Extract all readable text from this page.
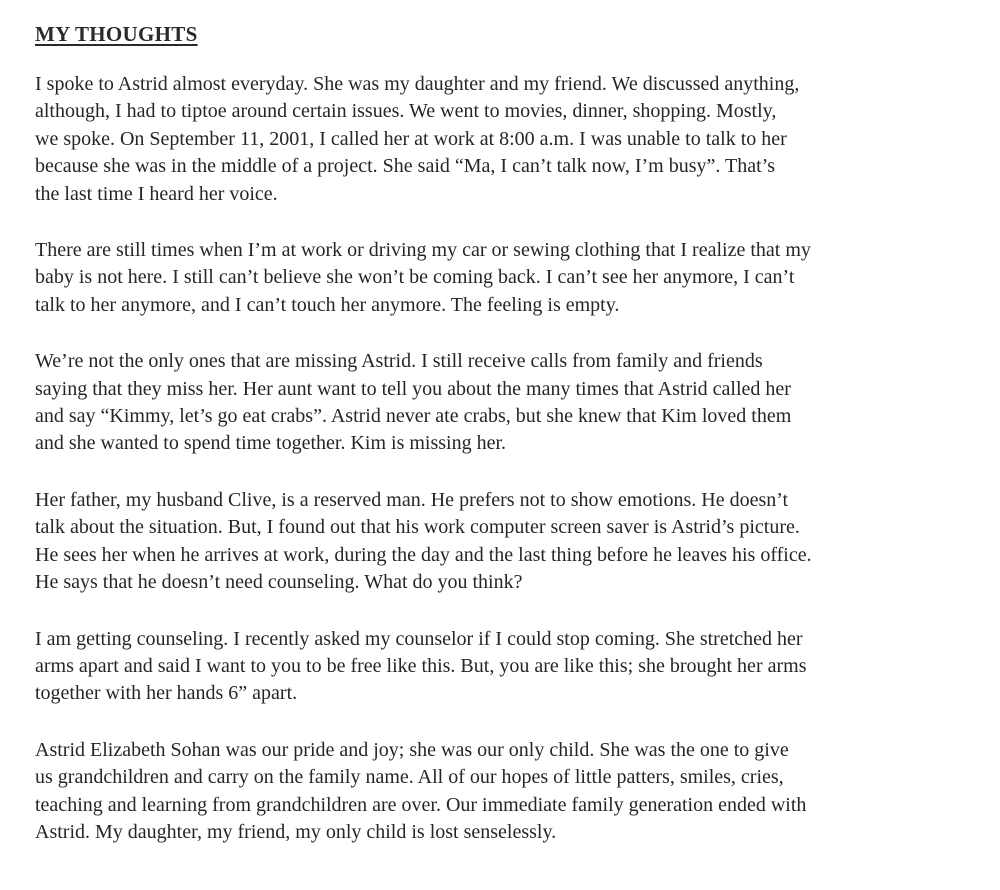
MY THOUGHTS
I spoke to Astrid almost everyday. She was my daughter and my friend. We discussed anything,
although, I had to tiptoe around certain issues. We went to movies, dinner, shopping. Mostly,
we spoke. On September 11, 2001, I called her at work at 8:00 a.m. I was unable to talk to her
because she was in the middle of a project. She said “Ma, I can’t talk now, I’m busy”. That’s
the last time I heard her voice.
There are still times when I’m at work or driving my car or sewing clothing that I realize that my
baby is not here. I still can’t believe she won’t be coming back. I can’t see her anymore, I can’t
talk to her anymore, and I can’t touch her anymore. The feeling is empty.
We’re not the only ones that are missing Astrid. I still receive calls from family and friends
saying that they miss her. Her aunt want to tell you about the many times that Astrid called her
and say “Kimmy, let’s go eat crabs”. Astrid never ate crabs, but she knew that Kim loved them
and she wanted to spend time together. Kim is missing her.
Her father, my husband Clive, is a reserved man. He prefers not to show emotions. He doesn’t
talk about the situation. But, I found out that his work computer screen saver is Astrid’s picture.
He sees her when he arrives at work, during the day and the last thing before he leaves his office.
He says that he doesn’t need counseling. What do you think?
I am getting counseling. I recently asked my counselor if I could stop coming. She stretched her
arms apart and said I want to you to be free like this. But, you are like this; she brought her arms
together with her hands 6” apart.
Astrid Elizabeth Sohan was our pride and joy; she was our only child. She was the one to give
us grandchildren and carry on the family name. All of our hopes of little patters, smiles, cries,
teaching and learning from grandchildren are over. Our immediate family generation ended with
Astrid. My daughter, my friend, my only child is lost senselessly.
